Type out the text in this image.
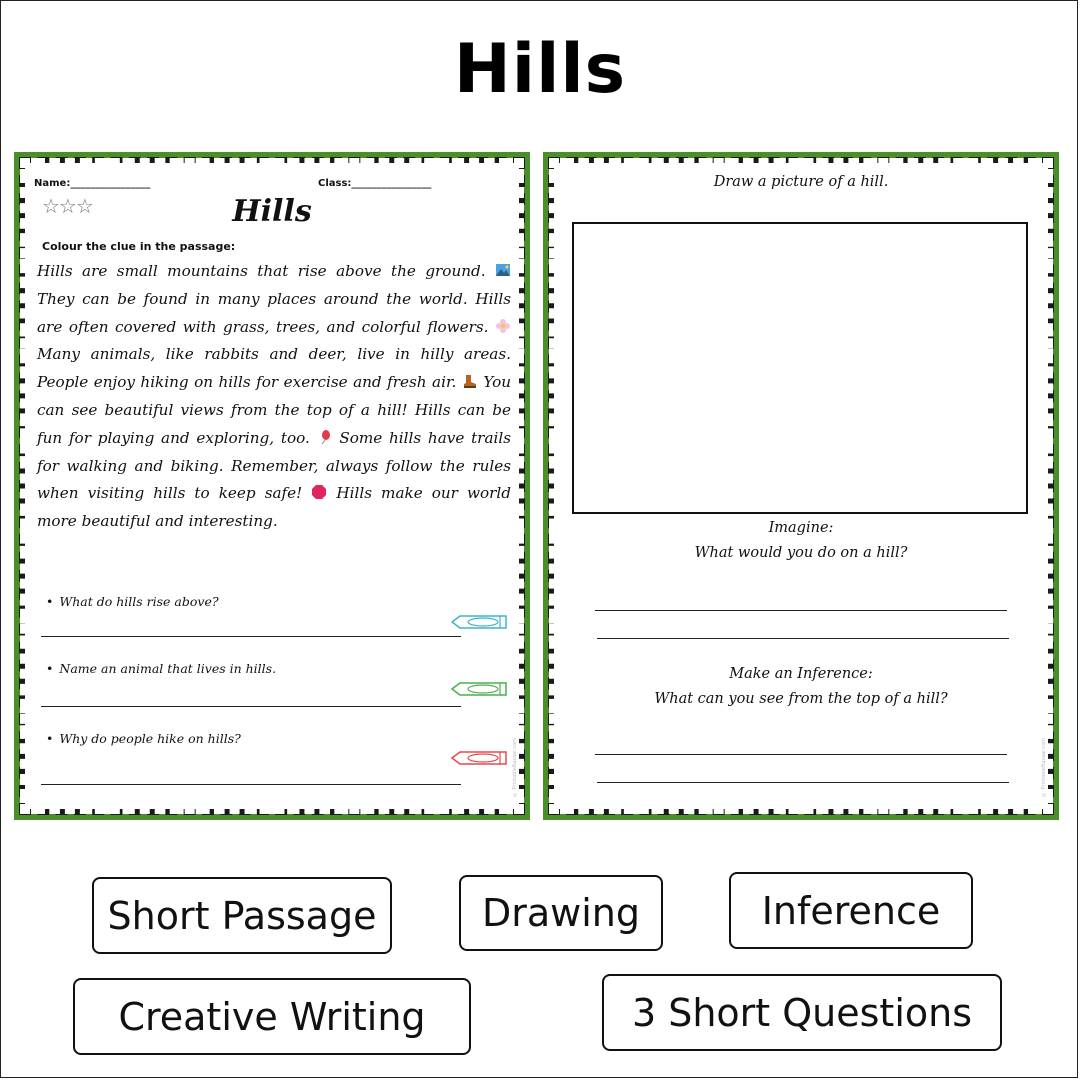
Hills
Name:________________	Class:________________
☆☆☆	Hills
Colour the clue in the passage:
Hills are small mountains that rise above the ground.  They can be found in many places around the world. Hills are often covered with grass, trees, and colorful flowers.  Many animals, like rabbits and deer, live in hilly areas. People enjoy hiking on hills for exercise and fresh air.  You can see beautiful views from the top of a hill! Hills can be fun for playing and exploring, too.  Some hills have trails for walking and biking. Remember, always follow the rules when visiting hills to keep safe!  Hills make our world more beautiful and interesting.
• What do hills rise above?
• Name an animal that lives in hills.
• Why do people hike on hills?	© PrintableBazaar.com
Draw a picture of a hill.
Imagine:
What would you do on a hill?
Make an Inference:
What can you see from the top of a hill?
© PrintableBazaar.com
Short Passage	Drawing	Inference
Creative Writing	3 Short Questions
